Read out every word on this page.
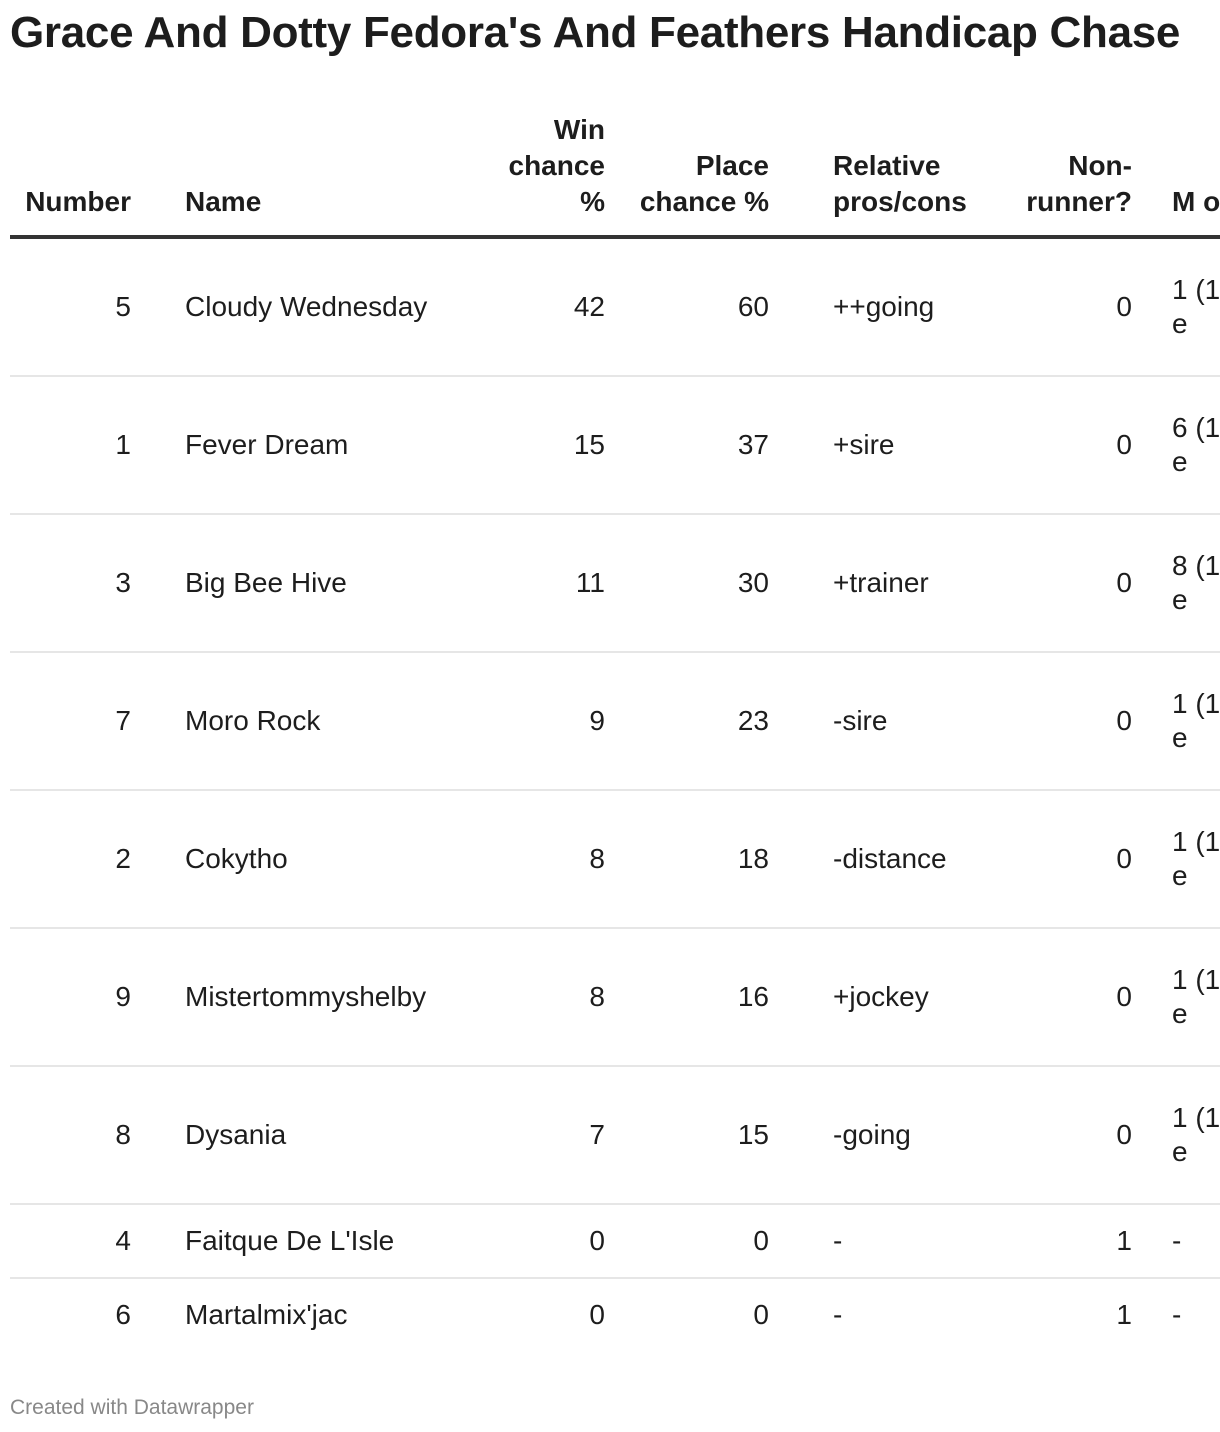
Grace And Dotty Fedora's And Feathers Handicap Chase
Number	Name	Win chance %	Place chance %	Relative pros/cons	Non-runner?	M o

5	Cloudy Wednesday	42	60	++going	0	1 (1 e

1	Fever Dream	15	37	+sire	0	6 (1 e

3	Big Bee Hive	11	30	+trainer	0	8 (1 e

7	Moro Rock	9	23	-sire	0	1 (1 e

2	Cokytho	8	18	-distance	0	1 (1 e

9	Mistertommyshelby	8	16	+jockey	0	1 (1 e

8	Dysania	7	15	-going	0	1 (1 e

4	Faitque De L'Isle	0	0	-	1	-

6	Martalmix'jac	0	0	-	1	-
Created with Datawrapper
